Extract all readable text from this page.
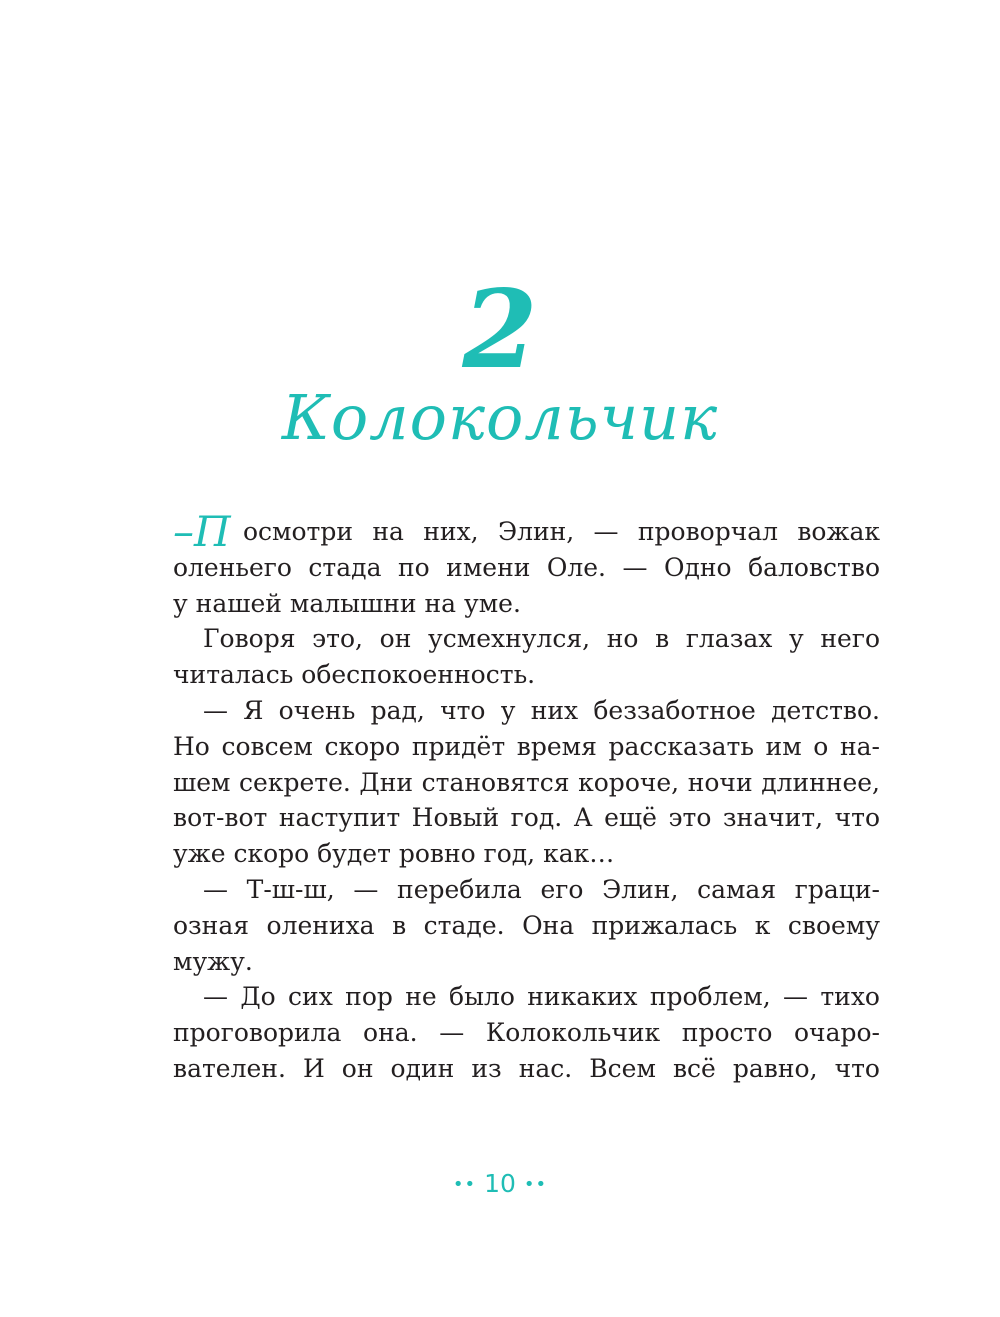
2
Колокольчик
–П осмотри на них, Элин, — проворчал вожак
оленьего стада по имени Оле. — Одно баловство
у нашей малышни на уме.
Говоря это, он усмехнулся, но в глазах у него
читалась обеспокоенность.
— Я очень рад, что у них беззаботное детство.
Но совсем скоро придёт время рассказать им о на-
шем секрете. Дни становятся короче, ночи длиннее,
вот-вот наступит Новый год. А ещё это значит, что
уже скоро будет ровно год, как…
— Т-ш-ш, — перебила его Элин, самая граци-
озная олениха в стаде. Она прижалась к своему
мужу.
— До сих пор не было никаких проблем, — тихо
проговорила она. — Колокольчик просто очаро-
вателен. И он один из нас. Всем всё равно, что
•• 10 ••
